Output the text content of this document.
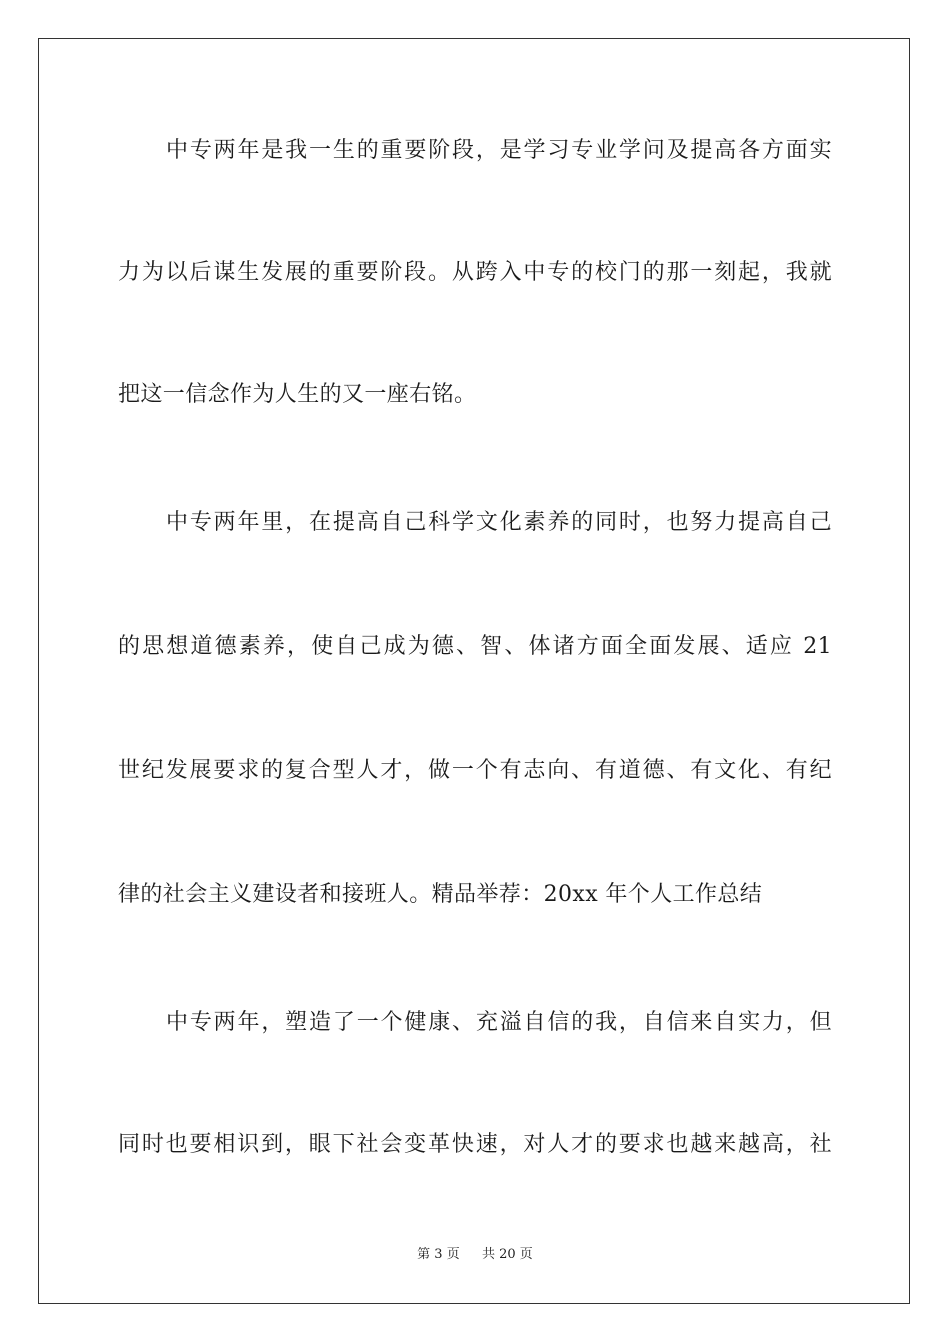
中专两年是我一生的重要阶段，是学习专业学问及提高各方面实
力为以后谋生发展的重要阶段。从跨入中专的校门的那一刻起，我就
把这一信念作为人生的又一座右铭。
中专两年里，在提高自己科学文化素养的同时，也努力提高自己
的思想道德素养，使自己成为德、智、体诸方面全面发展、适应 21
世纪发展要求的复合型人才，做一个有志向、有道德、有文化、有纪
律的社会主义建设者和接班人。精品举荐：20xx 年个人工作总结
中专两年，塑造了一个健康、充溢自信的我，自信来自实力，但
同时也要相识到，眼下社会变革快速，对人才的要求也越来越高，社
第 3 页 共 20 页
